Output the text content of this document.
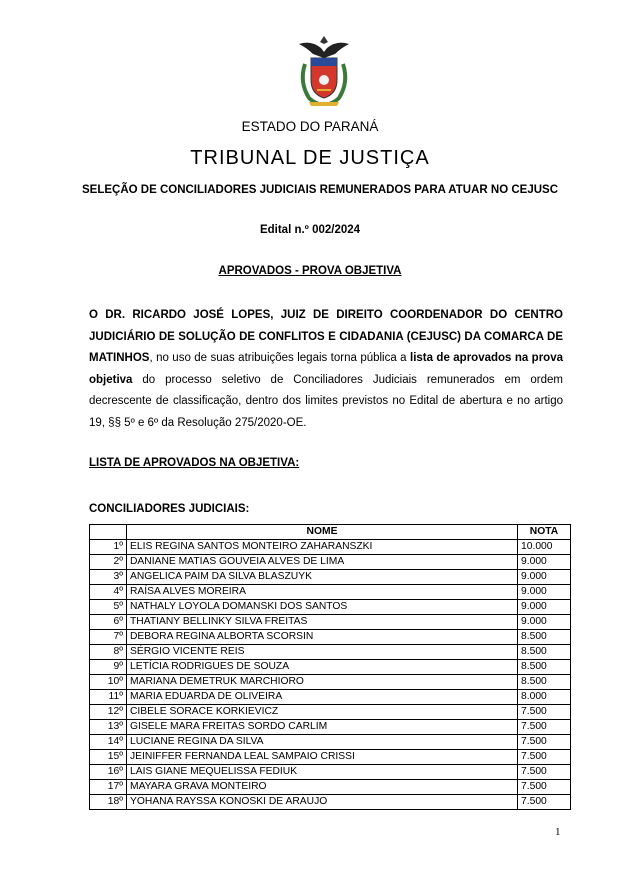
ESTADO DO PARANÁ
TRIBUNAL DE JUSTIÇA
SELEÇÃO DE CONCILIADORES JUDICIAIS REMUNERADOS PARA ATUAR NO CEJUSC
Edital n.º 002/2024
APROVADOS - PROVA OBJETIVA
O DR. RICARDO JOSÉ LOPES, JUIZ DE DIREITO COORDENADOR DO CENTRO JUDICIÁRIO DE SOLUÇÃO DE CONFLITOS E CIDADANIA (CEJUSC) DA COMARCA DE MATINHOS, no uso de suas atribuições legais torna pública a lista de aprovados na prova objetiva do processo seletivo de Conciliadores Judiciais remunerados em ordem decrescente de classificação, dentro dos limites previstos no Edital de abertura e no artigo 19, §§ 5º e 6º da Resolução 275/2020-OE.
LISTA DE APROVADOS NA OBJETIVA:
CONCILIADORES JUDICIAIS:
	NOME	NOTA
1º	ELIS REGINA SANTOS MONTEIRO ZAHARANSZKI	10.000
2º	DANIANE MATIAS GOUVEIA ALVES DE LIMA	9.000
3º	ANGELICA PAIM DA SILVA BLASZUYK	9.000
4º	RAÍSA ALVES MOREIRA	9.000
5º	NATHALY LOYOLA DOMANSKI DOS SANTOS	9.000
6º	THATIANY BELLINKY SILVA FREITAS	9.000
7º	DEBORA REGINA ALBORTA SCORSIN	8.500
8º	SÉRGIO VICENTE REIS	8.500
9º	LETÍCIA RODRIGUES DE SOUZA	8.500
10º	MARIANA DEMETRUK MARCHIORO	8.500
11º	MARIA EDUARDA DE OLIVEIRA	8.000
12º	CIBELE SORACE KORKIEVICZ	7.500
13º	GISELE MARA FREITAS SORDO CARLIM	7.500
14º	LUCIANE REGINA DA SILVA	7.500
15º	JEINIFFER FERNANDA LEAL SAMPAIO CRISSI	7.500
16º	LAIS GIANE MEQUELISSA FEDIUK	7.500
17º	MAYARA GRAVA MONTEIRO	7.500
18º	YOHANA RAYSSA KONOSKI DE ARAUJO	7.500
1
